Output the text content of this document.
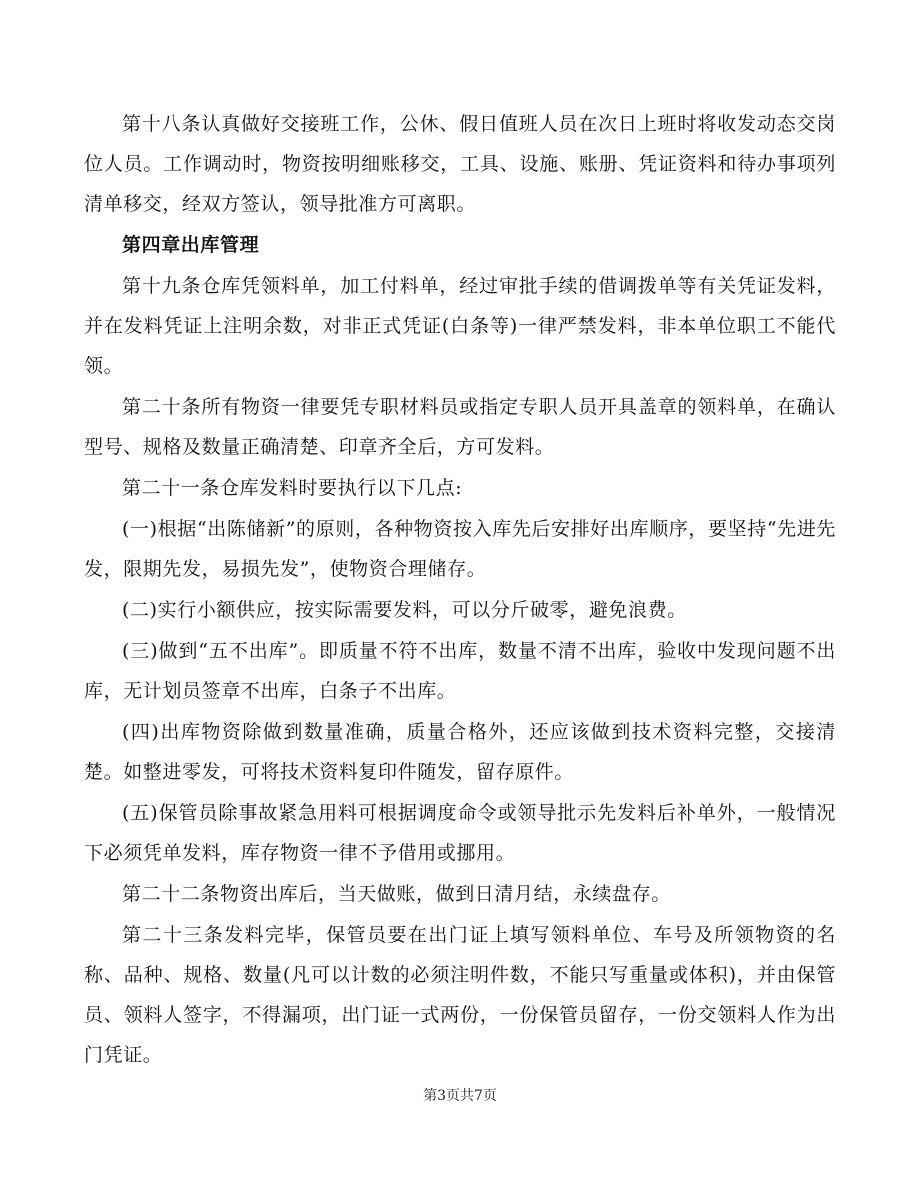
第十八条认真做好交接班工作，公休、假日值班人员在次日上班时将收发动态交岗位人员。工作调动时，物资按明细账移交，工具、设施、账册、凭证资料和待办事项列清单移交，经双方签认，领导批准方可离职。

第四章出库管理

第十九条仓库凭领料单，加工付料单，经过审批手续的借调拨单等有关凭证发料，并在发料凭证上注明余数，对非正式凭证(白条等)一律严禁发料，非本单位职工不能代领。

第二十条所有物资一律要凭专职材料员或指定专职人员开具盖章的领料单，在确认型号、规格及数量正确清楚、印章齐全后，方可发料。

第二十一条仓库发料时要执行以下几点:

(一)根据“出陈储新”的原则，各种物资按入库先后安排好出库顺序，要坚持“先进先发，限期先发，易损先发”，使物资合理储存。

(二)实行小额供应，按实际需要发料，可以分斤破零，避免浪费。

(三)做到“五不出库”。即质量不符不出库，数量不清不出库，验收中发现问题不出库，无计划员签章不出库，白条子不出库。

(四)出库物资除做到数量准确，质量合格外，还应该做到技术资料完整，交接清楚。如整进零发，可将技术资料复印件随发，留存原件。

(五)保管员除事故紧急用料可根据调度命令或领导批示先发料后补单外，一般情况下必须凭单发料，库存物资一律不予借用或挪用。

第二十二条物资出库后，当天做账，做到日清月结，永续盘存。

第二十三条发料完毕，保管员要在出门证上填写领料单位、车号及所领物资的名称、品种、规格、数量(凡可以计数的必须注明件数，不能只写重量或体积)，并由保管员、领料人签字，不得漏项，出门证一式两份，一份保管员留存，一份交领料人作为出门凭证。

第3页共7页
